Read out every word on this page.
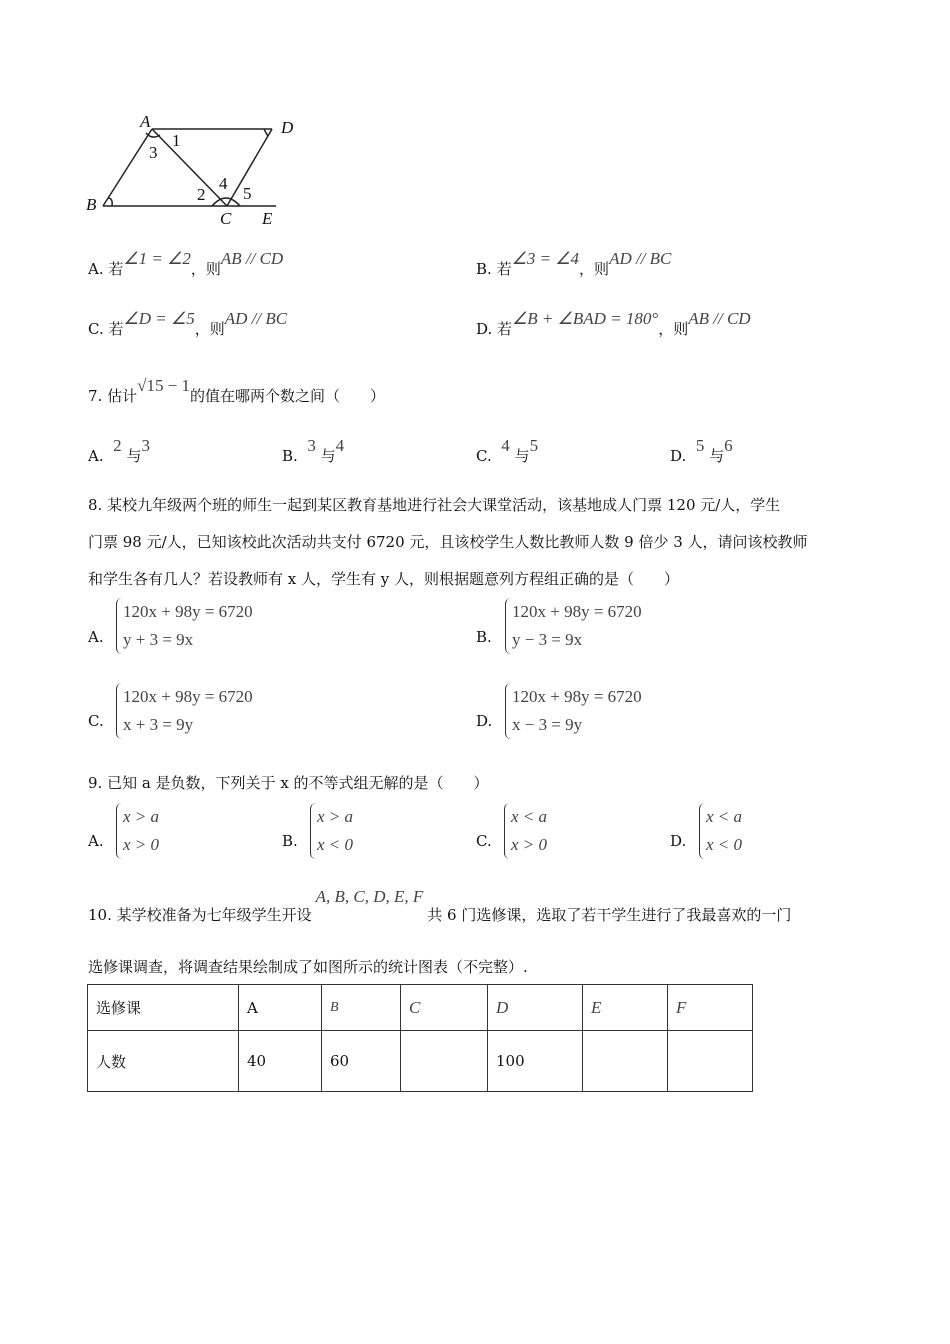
A	D
B
C E
1
3
2
4
5
A. 若∠1 = ∠2，则AB // CD
B. 若∠3 = ∠4，则AD // BC
C. 若∠D = ∠5，则AD // BC
D. 若∠B + ∠BAD = 180°，则AB // CD
7. 估计√15 − 1的值在哪两个数之间（　　）
A.  2 与3
B.  3 与4
C.  4 与5
D.  5 与6
8. 某校九年级两个班的师生一起到某区教育基地进行社会大课堂活动，该基地成人门票 120 元/人，学生
门票 98 元/人，已知该校此次活动共支付 6720 元，且该校学生人数比教师人数 9 倍少 3 人，请问该校教师
和学生各有几人？若设教师有 x 人，学生有 y 人，则根据题意列方程组正确的是（　　）
A.
120x + 98y = 6720
y + 3 = 9x	B.
120x + 98y = 6720
y − 3 = 9x
C.
120x + 98y = 6720
x + 3 = 9y	D.
120x + 98y = 6720
x − 3 = 9y
9. 已知 a 是负数，下列关于 x 的不等式组无解的是（　　）
A.
x > a
x > 0	B.
x > a
x < 0	C.
x < a
x > 0	D.
x < a
x < 0
10. 某学校准备为七年级学生开设A, B, C, D, E, F共 6 门选修课，选取了若干学生进行了我最喜欢的一门
选修课调查，将调查结果绘制成了如图所示的统计图表（不完整）.
选修课	A	B	C	D	E	F
人数	40	60		100		
